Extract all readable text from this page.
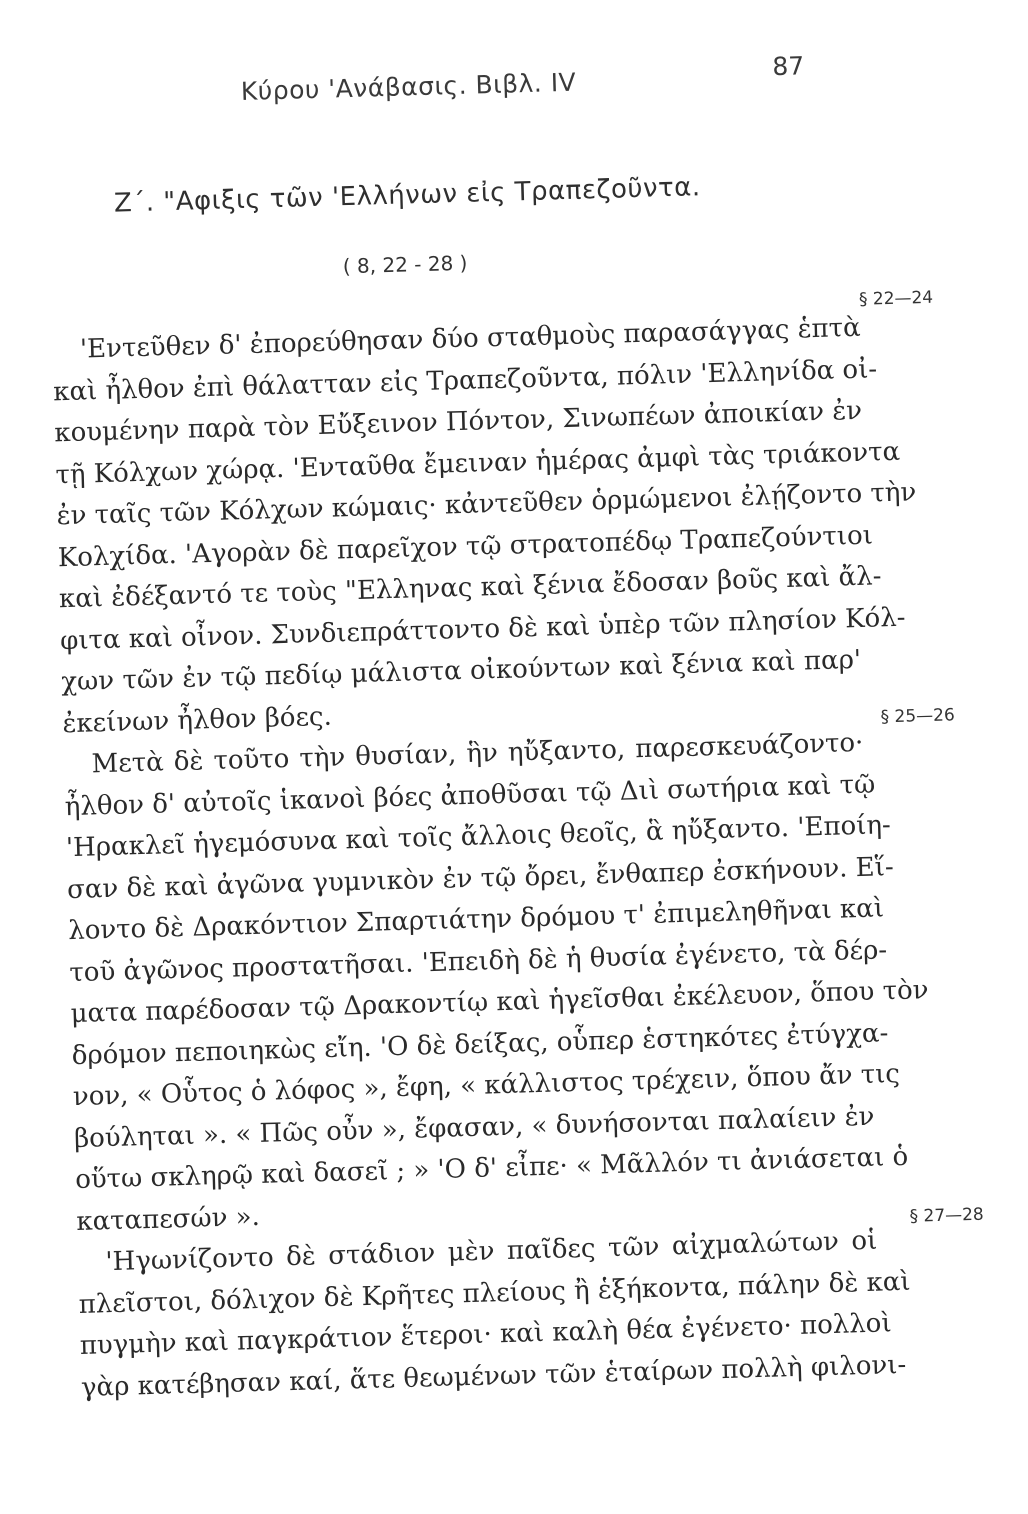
Κύρου 'Ανάβασις. Βιβλ. IV
87
Ζ΄. "Αφιξις τῶν 'Ελλήνων εἰς Τραπεζοῦντα.
( 8, 22 - 28 )
§ 22—24
'Εντεῦθεν δ' ἐπορεύθησαν δύο σταθμοὺς παρασάγγας ἑπτὰ
καὶ ἦλθον ἐπὶ θάλατταν εἰς Τραπεζοῦντα, πόλιν 'Ελληνίδα οἰ-
κουμένην παρὰ τὸν Εὔξεινον Πόντον, Σινωπέων ἀποικίαν ἐν
τῇ Κόλχων χώρᾳ. 'Ενταῦθα ἔμειναν ἡμέρας ἀμφὶ τὰς τριάκοντα
ἐν ταῖς τῶν Κόλχων κώμαις· κἀντεῦθεν ὁρμώμενοι ἐλῄζοντο τὴν
Κολχίδα. 'Αγορὰν δὲ παρεῖχον τῷ στρατοπέδῳ Τραπεζούντιοι
καὶ ἐδέξαντό τε τοὺς "Ελληνας καὶ ξένια ἔδοσαν βοῦς καὶ ἄλ-
φιτα καὶ οἶνον. Συνδιεπράττοντο δὲ καὶ ὑπὲρ τῶν πλησίον Κόλ-
χων τῶν ἐν τῷ πεδίῳ μάλιστα οἰκούντων καὶ ξένια καὶ παρ'
ἐκείνων ἦλθον βόες.	§ 25—26
Μετὰ δὲ τοῦτο τὴν θυσίαν, ἣν ηὔξαντο, παρεσκευάζοντο·
ἦλθον δ' αὐτοῖς ἱκανοὶ βόες ἀποθῦσαι τῷ Διὶ σωτήρια καὶ τῷ
'Ηρακλεῖ ἡγεμόσυνα καὶ τοῖς ἄλλοις θεοῖς, ἃ ηὔξαντο. 'Εποίη-
σαν δὲ καὶ ἀγῶνα γυμνικὸν ἐν τῷ ὄρει, ἔνθαπερ ἐσκήνουν. Εἵ-
λοντο δὲ Δρακόντιον Σπαρτιάτην δρόμου τ' ἐπιμεληθῆναι καὶ
τοῦ ἀγῶνος προστατῆσαι. 'Επειδὴ δὲ ἡ θυσία ἐγένετο, τὰ δέρ-
ματα παρέδοσαν τῷ Δρακοντίῳ καὶ ἡγεῖσθαι ἐκέλευον, ὅπου τὸν
δρόμον πεποιηκὼς εἴη. 'Ο δὲ δείξας, οὗπερ ἑστηκότες ἐτύγχα-
νον, « Οὗτος ὁ λόφος », ἔφη, « κάλλιστος τρέχειν, ὅπου ἄν τις
βούληται ». « Πῶς οὖν », ἔφασαν, « δυνήσονται παλαίειν ἐν
οὕτω σκληρῷ καὶ δασεῖ ; » 'Ο δ' εἶπε· « Μᾶλλόν τι ἀνιάσεται ὁ
καταπεσών ».	§ 27—28
'Ηγωνίζοντο δὲ στάδιον μὲν παῖδες τῶν αἰχμαλώτων οἱ
πλεῖστοι, δόλιχον δὲ Κρῆτες πλείους ἢ ἑξήκοντα, πάλην δὲ καὶ
πυγμὴν καὶ παγκράτιον ἕτεροι· καὶ καλὴ θέα ἐγένετο· πολλοὶ
γὰρ κατέβησαν καί, ἅτε θεωμένων τῶν ἑταίρων πολλὴ φιλονι-
